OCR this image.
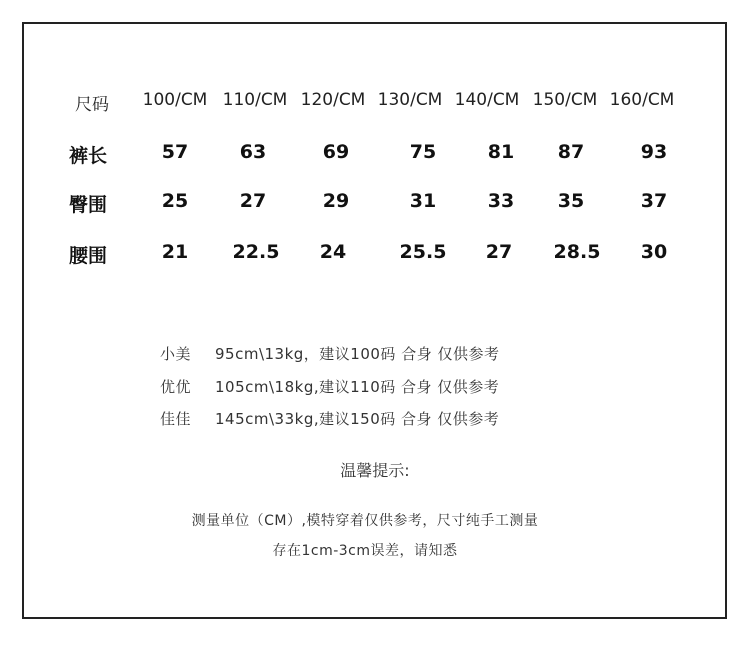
尺码 100/CM 110/CM 120/CM 130/CM 140/CM 150/CM 160/CM
裤长	57	63	69	75	81 87	93
臀围	25	27	29	31	33 35	37
腰围	21 22.5 24	25.5 27 28.5 30
小美 95cm\13kg，建议100码 合身 仅供参考
优优 105cm\18kg,建议110码 合身 仅供参考
佳佳 145cm\33kg,建议150码 合身 仅供参考
温馨提示:
测量单位（CM）,模特穿着仅供参考，尺寸纯手工测量
存在1cm-3cm误差，请知悉
